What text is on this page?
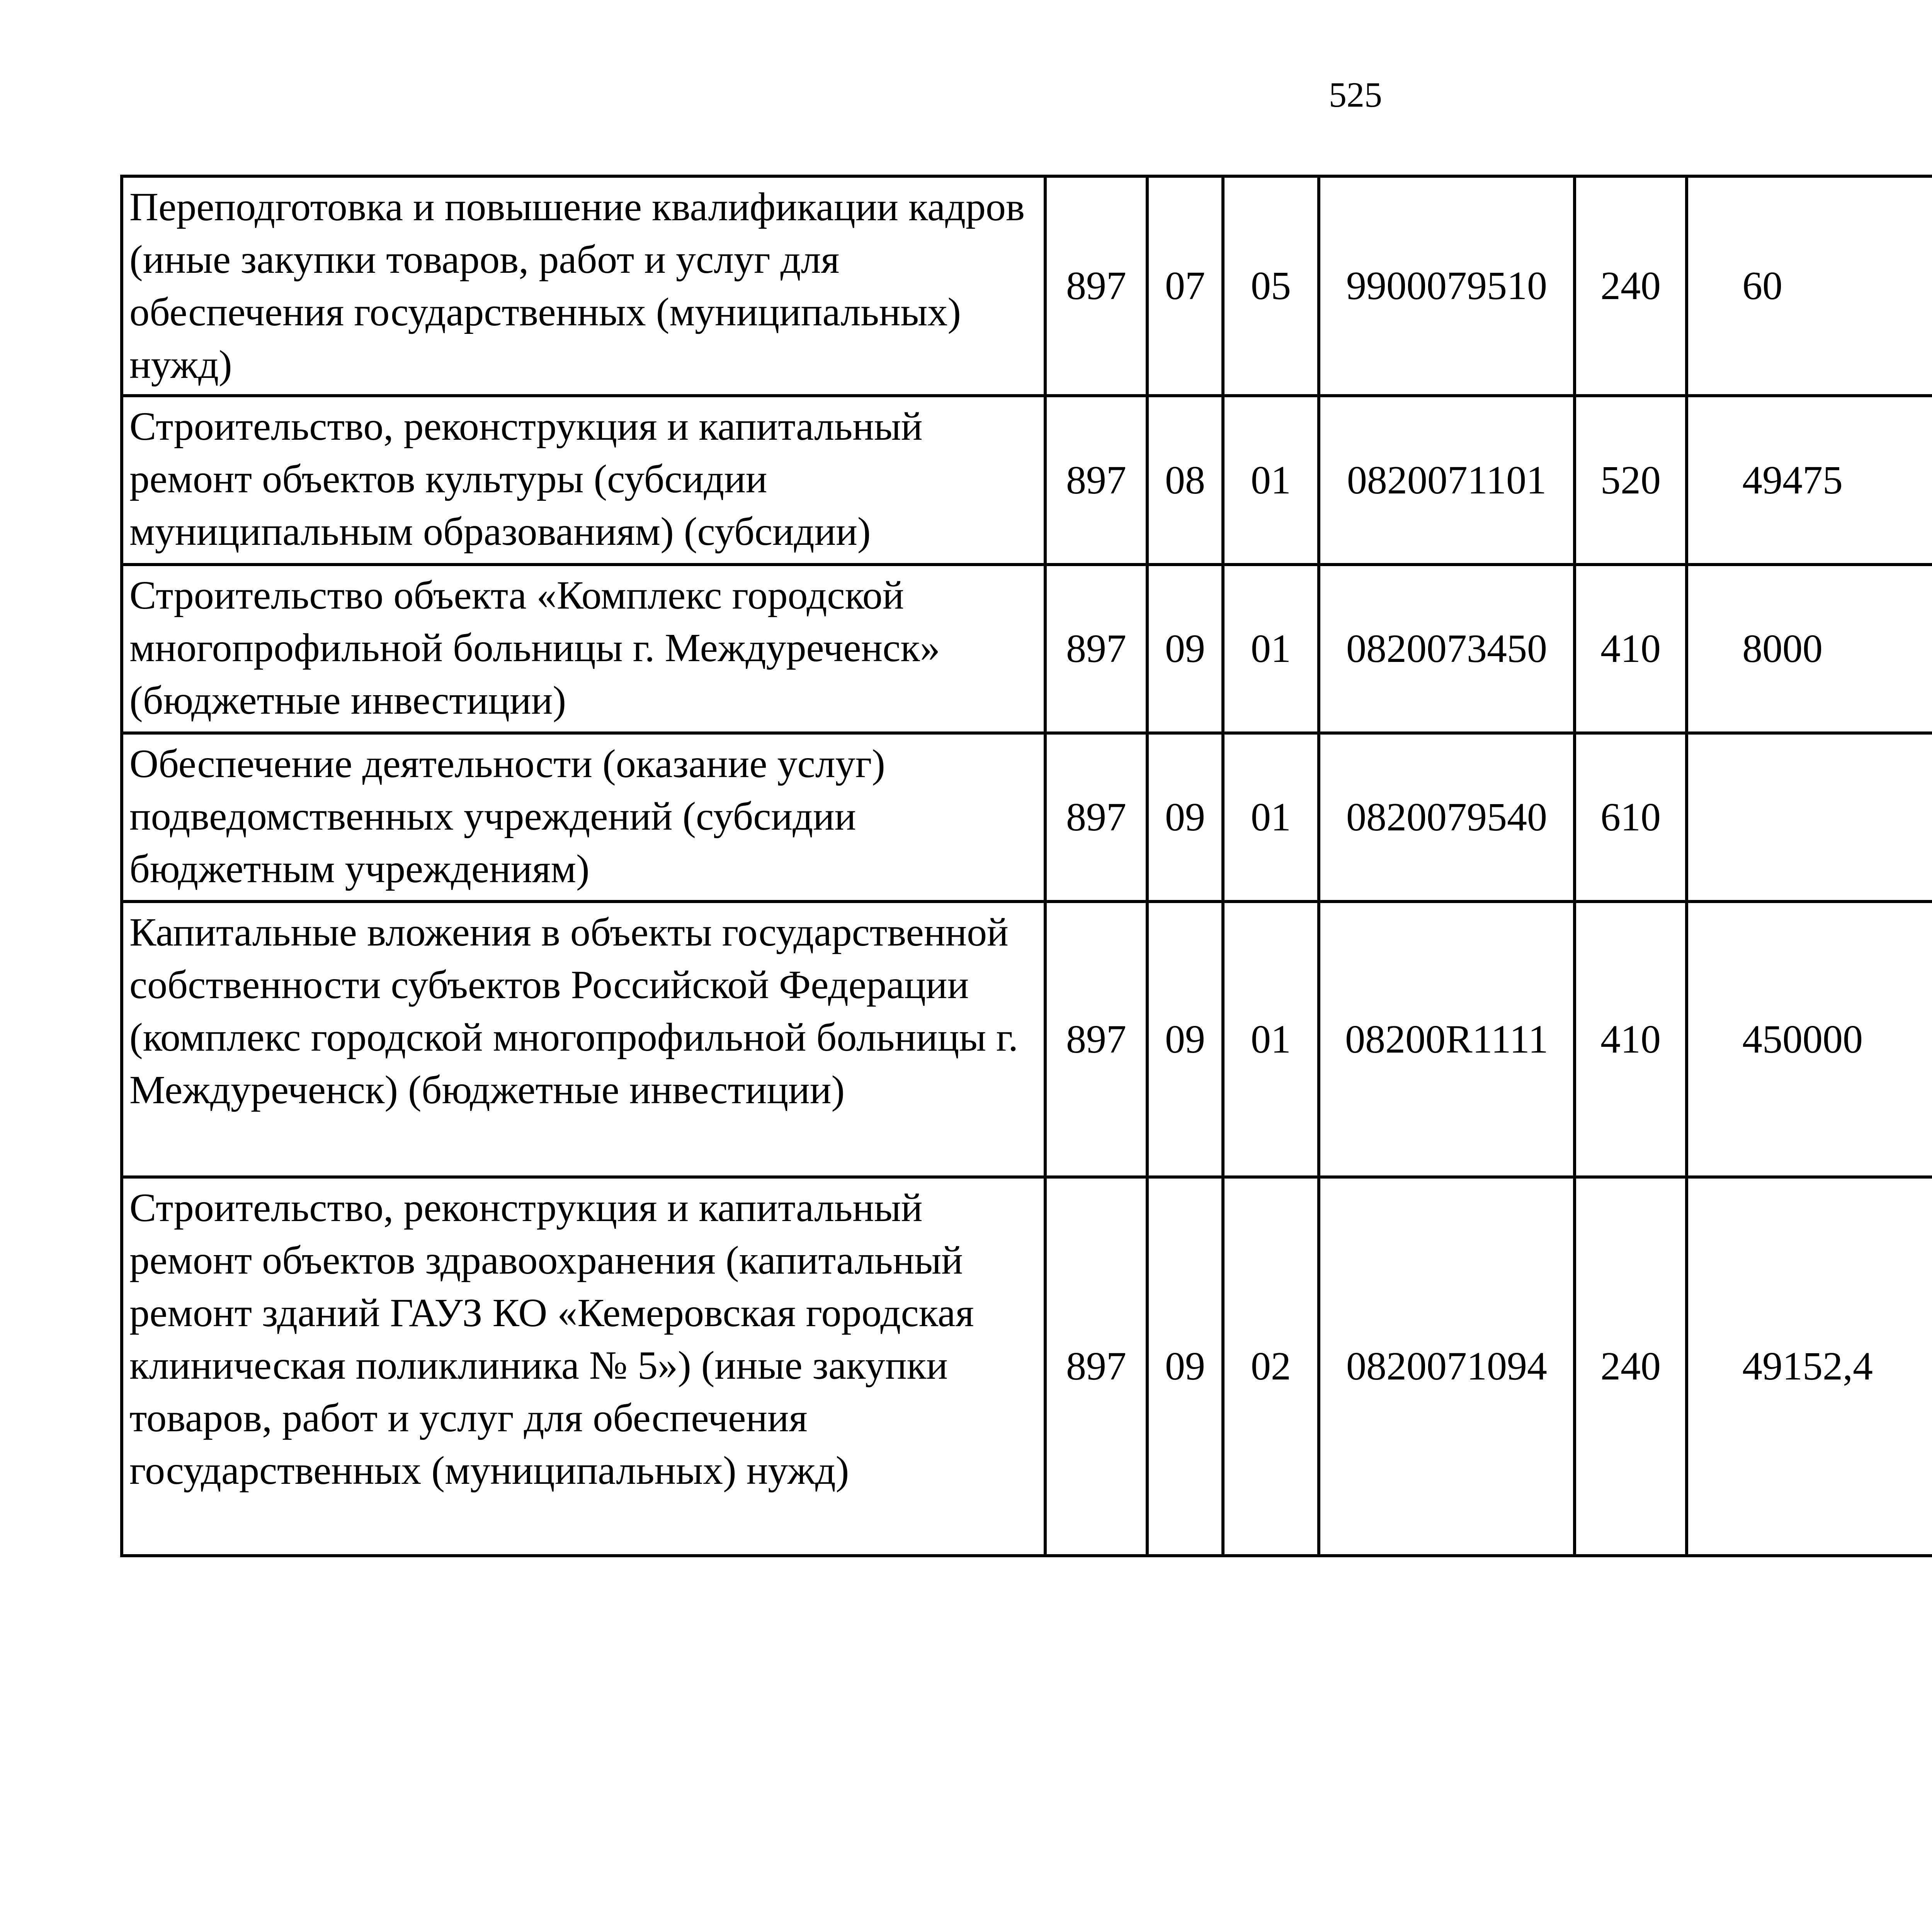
525
Переподготовка и повышение квалификации кадров (иные закупки товаров, работ и услуг для обеспечения государственных (муниципальных) нужд)	897	07	05	9900079510	240	60		
Строительство, реконструкция и капитальный ремонт объектов культуры (субсидии муниципальным образованиям) (субсидии)	897	08	01	0820071101	520	49475		
Строительство объекта «Комплекс городской многопрофильной больницы г. Междуреченск» (бюджетные инвестиции)	897	09	01	0820073450	410	8000		
Обеспечение деятельности (оказание услуг) подведомственных учреждений (субсидии бюджетным учреждениям)	897	09	01	0820079540	610			
Капитальные вложения в объекты государственной собственности субъектов Российской Федерации (комплекс городской многопрофильной больницы г. Междуреченск) (бюджетные инвестиции)	897	09	01	08200R1111	410	450000		
Строительство, реконструкция и капитальный ремонт объектов здравоохранения (капитальный ремонт зданий ГАУЗ КО «Кемеровская городская клиническая поликлиника № 5») (иные закупки товаров, работ и услуг для обеспечения государственных (муниципальных) нужд)	897	09	02	0820071094	240	49152,4		
